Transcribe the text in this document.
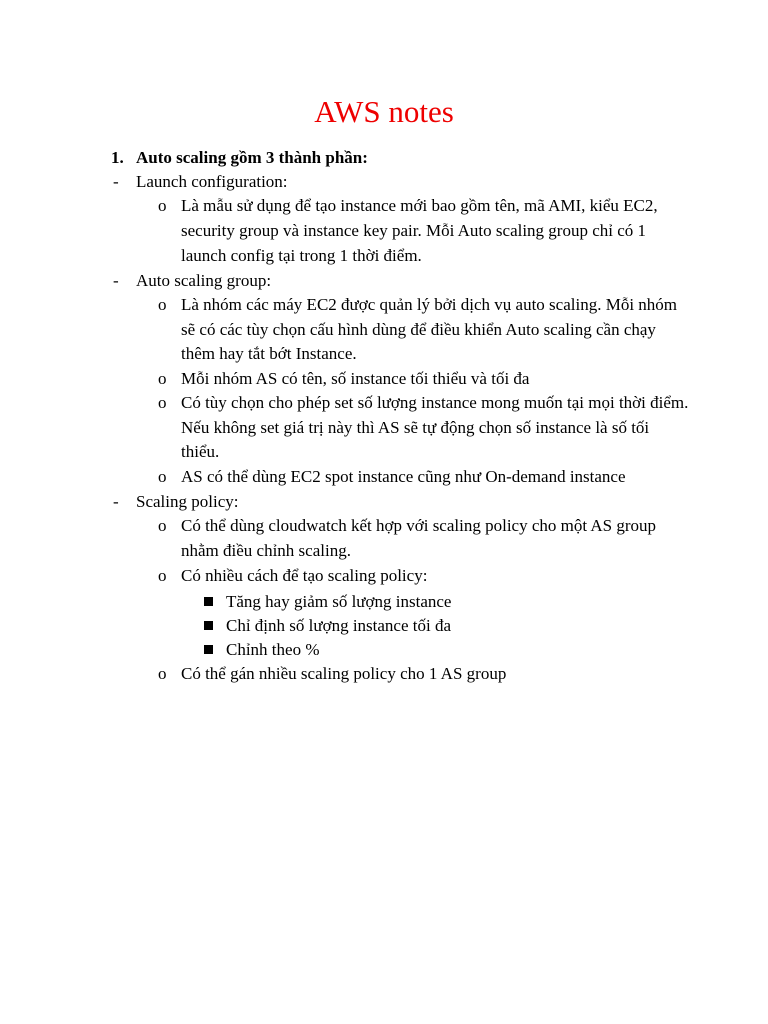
AWS notes
1. Auto scaling gồm 3 thành phần:
- Launch configuration:
o Là mẫu sử dụng để tạo instance mới bao gồm tên, mã AMI, kiểu EC2,
security group và instance key pair. Mỗi Auto scaling group chỉ có 1
launch config tại trong 1 thời điểm.
- Auto scaling group:
o Là nhóm các máy EC2 được quản lý bởi dịch vụ auto scaling. Mỗi nhóm
sẽ có các tùy chọn cấu hình dùng để điều khiển Auto scaling cần chạy
thêm hay tắt bớt Instance.
o Mỗi nhóm AS có tên, số instance tối thiểu và tối đa
o Có tùy chọn cho phép set số lượng instance mong muốn tại mọi thời điểm.
Nếu không set giá trị này thì AS sẽ tự động chọn số instance là số tối
thiểu.
o AS có thể dùng EC2 spot instance cũng như On-demand instance
- Scaling policy:
o Có thể dùng cloudwatch kết hợp với scaling policy cho một AS group
nhằm điều chỉnh scaling.
o Có nhiều cách để tạo scaling policy:
Tăng hay giảm số lượng instance
Chỉ định số lượng instance tối đa
Chỉnh theo %
o Có thể gán nhiều scaling policy cho 1 AS group
